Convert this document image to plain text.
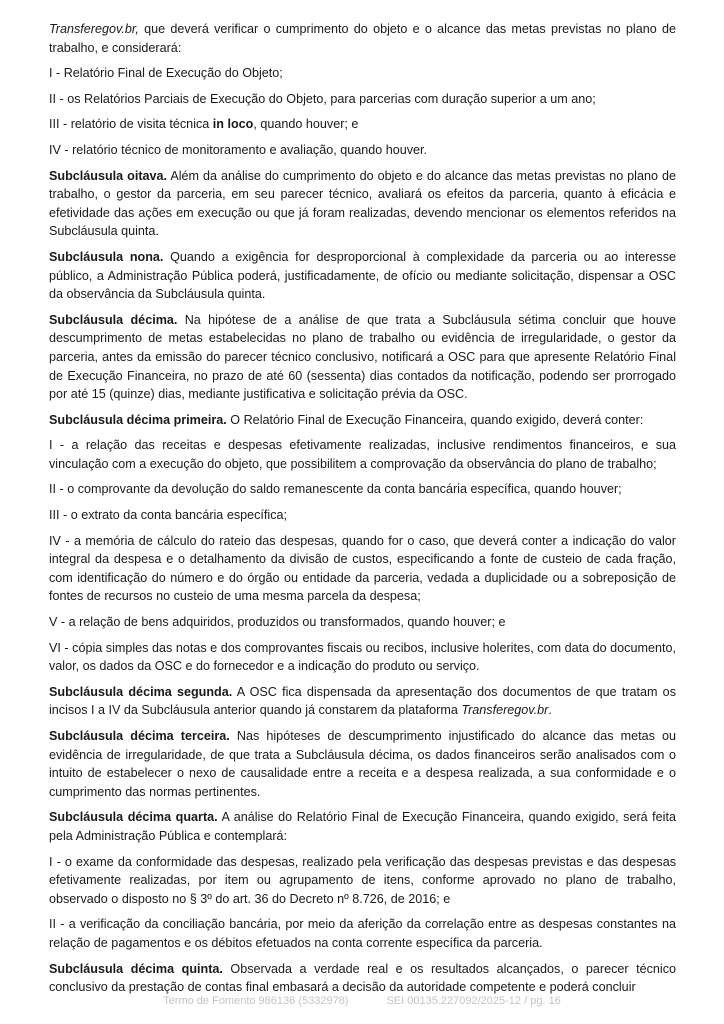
Transferegov.br, que deverá verificar o cumprimento do objeto e o alcance das metas previstas no plano de trabalho, e considerará:

I - Relatório Final de Execução do Objeto;

II - os Relatórios Parciais de Execução do Objeto, para parcerias com duração superior a um ano;

III - relatório de visita técnica in loco, quando houver; e

IV - relatório técnico de monitoramento e avaliação, quando houver.

Subcláusula oitava. Além da análise do cumprimento do objeto e do alcance das metas previstas no plano de trabalho, o gestor da parceria, em seu parecer técnico, avaliará os efeitos da parceria, quanto à eficácia e efetividade das ações em execução ou que já foram realizadas, devendo mencionar os elementos referidos na Subcláusula quinta.

Subcláusula nona. Quando a exigência for desproporcional à complexidade da parceria ou ao interesse público, a Administração Pública poderá, justificadamente, de ofício ou mediante solicitação, dispensar a OSC da observância da Subcláusula quinta.

Subcláusula décima. Na hipótese de a análise de que trata a Subcláusula sétima concluir que houve descumprimento de metas estabelecidas no plano de trabalho ou evidência de irregularidade, o gestor da parceria, antes da emissão do parecer técnico conclusivo, notificará a OSC para que apresente Relatório Final de Execução Financeira, no prazo de até 60 (sessenta) dias contados da notificação, podendo ser prorrogado por até 15 (quinze) dias, mediante justificativa e solicitação prévia da OSC.

Subcláusula décima primeira. O Relatório Final de Execução Financeira, quando exigido, deverá conter:

I - a relação das receitas e despesas efetivamente realizadas, inclusive rendimentos financeiros, e sua vinculação com a execução do objeto, que possibilitem a comprovação da observância do plano de trabalho;

II - o comprovante da devolução do saldo remanescente da conta bancária específica, quando houver;

III - o extrato da conta bancária específica;

IV - a memória de cálculo do rateio das despesas, quando for o caso, que deverá conter a indicação do valor integral da despesa e o detalhamento da divisão de custos, especificando a fonte de custeio de cada fração, com identificação do número e do órgão ou entidade da parceria, vedada a duplicidade ou a sobreposição de fontes de recursos no custeio de uma mesma parcela da despesa;

V - a relação de bens adquiridos, produzidos ou transformados, quando houver; e

VI - cópia simples das notas e dos comprovantes fiscais ou recibos, inclusive holerites, com data do documento, valor, os dados da OSC e do fornecedor e a indicação do produto ou serviço.

Subcláusula décima segunda. A OSC fica dispensada da apresentação dos documentos de que tratam os incisos I a IV da Subcláusula anterior quando já constarem da plataforma Transferegov.br.

Subcláusula décima terceira. Nas hipóteses de descumprimento injustificado do alcance das metas ou evidência de irregularidade, de que trata a Subcláusula décima, os dados financeiros serão analisados com o intuito de estabelecer o nexo de causalidade entre a receita e a despesa realizada, a sua conformidade e o cumprimento das normas pertinentes.

Subcláusula décima quarta. A análise do Relatório Final de Execução Financeira, quando exigido, será feita pela Administração Pública e contemplará:

I - o exame da conformidade das despesas, realizado pela verificação das despesas previstas e das despesas efetivamente realizadas, por item ou agrupamento de itens, conforme aprovado no plano de trabalho, observado o disposto no § 3º do art. 36 do Decreto nº 8.726, de 2016; e

II - a verificação da conciliação bancária, por meio da aferição da correlação entre as despesas constantes na relação de pagamentos e os débitos efetuados na conta corrente específica da parceria.

Subcláusula décima quinta. Observada a verdade real e os resultados alcançados, o parecer técnico conclusivo da prestação de contas final embasará a decisão da autoridade competente e poderá concluir

Termo de Fomento 986136 (5332978)	SEI 00135.227092/2025-12 / pg. 16
